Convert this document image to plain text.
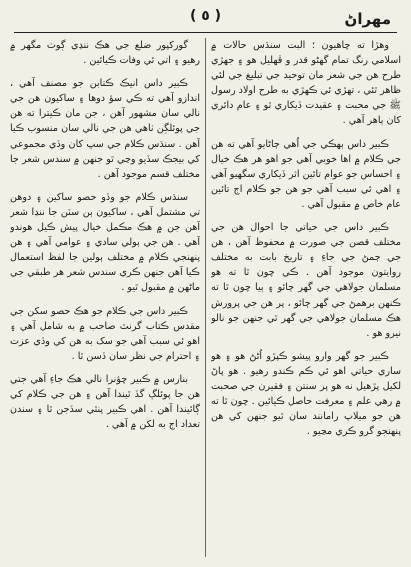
مهراڻ
( ٥ )

وهڙا ته چاهيون ؛ البت سنڌس حالات ۾ اسلامي رنگ تمام گهڻو قدر و ڦهليل هو ۽ جهڙي طرح هن جي شعر مان توحيد جي تبليغ جي لئي ظاهر ٿئي ، تهڙي ئي ڪهڙي به طرح اولاد رسول ﷺ جي محبت ۽ عقيدت ڏيکاري ٿو ۽ عام دائري کان ٻاهر آهي .

ڪبير داس ٻهڪي جي اُهي ڄاڻايو آهي ته هن جي ڪلام ۾ اها خوبي آهي جو اهو هر هڪ خيال ۽ احساس جو عوام تائين اثر ڏيکاري سگهيو آهي ۽ اهي ئي سبب آهي جو هن جو ڪلام اڄ تائين عام خاص ۾ مقبول آهي .

ڪبير داس جي حياتي جا احوال هن جي مختلف قصن جي صورت ۾ محفوظ آهن ، هن جي ڄمڻ جي جاءِ ۽ تاريخ بابت به مختلف روايتون موجود آهن . ڪي چون ٿا ته هو مسلمان جولاهي جي گهر ڄائو ۽ ٻيا چون ٿا ته ڪنهن برهمڻ جي گهر ڄائو ، پر هن جي پرورش هڪ مسلمان جولاهي جي گهر ٿي جنهن جو نالو نيرو هو .

ڪبير جو گهر وارو پيشو ڪپڙو اُڻڻ هو ۽ هو ساري حياتي اهو ئي ڪم ڪندو رهيو . هو پاڻ لکيل پڙهيل نه هو پر سنتن ۽ فقيرن جي صحبت ۾ رهي علم ۽ معرفت حاصل ڪيائين . چون ٿا ته هن جو ميلاپ رامانند سان ٿيو جنهن کي هن پنهنجو گرو ڪري مڃيو .

گورکپور ضلع جي هڪ ننڍي ڳوٺ مگهر ۾ رهيو ۽ اتي ئي وفات ڪيائين .

ڪبير داس انيڪ ڪتابن جو مصنف آهي ، اندازو آهي ته ڪي سؤ دوها ۽ ساکيون هن جي نالي سان مشهور آهن ، جن مان ڪيترا ته هن جي پوئلڳن ٺاهي هن جي نالي سان منسوب ڪيا آهن . سنڌس ڪلام جي سڀ کان وڏي مجموعي کي بيجڪ سڏيو وڃي ٿو جنهن ۾ سندس شعر جا مختلف قسم موجود آهن .

سنڌس ڪلام جو وڏو حصو ساکين ۽ دوهن تي مشتمل آهي ، ساکيون ٻن سٽن جا ننڍا شعر آهن جن ۾ هڪ مڪمل خيال پيش ڪيل هوندو آهي . هن جي ٻولي سادي ۽ عوامي آهي ۽ هن پنهنجي ڪلام ۾ مختلف ٻولين جا لفظ استعمال ڪيا آهن جنهن ڪري سندس شعر هر طبقي جي ماڻهن ۾ مقبول ٿيو .

ڪبير داس جي ڪلام جو هڪ حصو سکن جي مقدس ڪتاب گرنٿ صاحب ۾ به شامل آهي ۽ اهو ئي سبب آهي جو سک به هن کي وڏي عزت ۽ احترام جي نظر سان ڏسن ٿا .

بنارس ۾ ڪبير چؤنرا نالي هڪ جاءِ آهي جتي هن جا پوئلڳ گڏ ٿيندا آهن ۽ هن جي ڪلام کي ڳائيندا آهن . اهي ڪبير پنٿي سڏجن ٿا ۽ سندن تعداد اڄ به لکن ۾ آهي .
